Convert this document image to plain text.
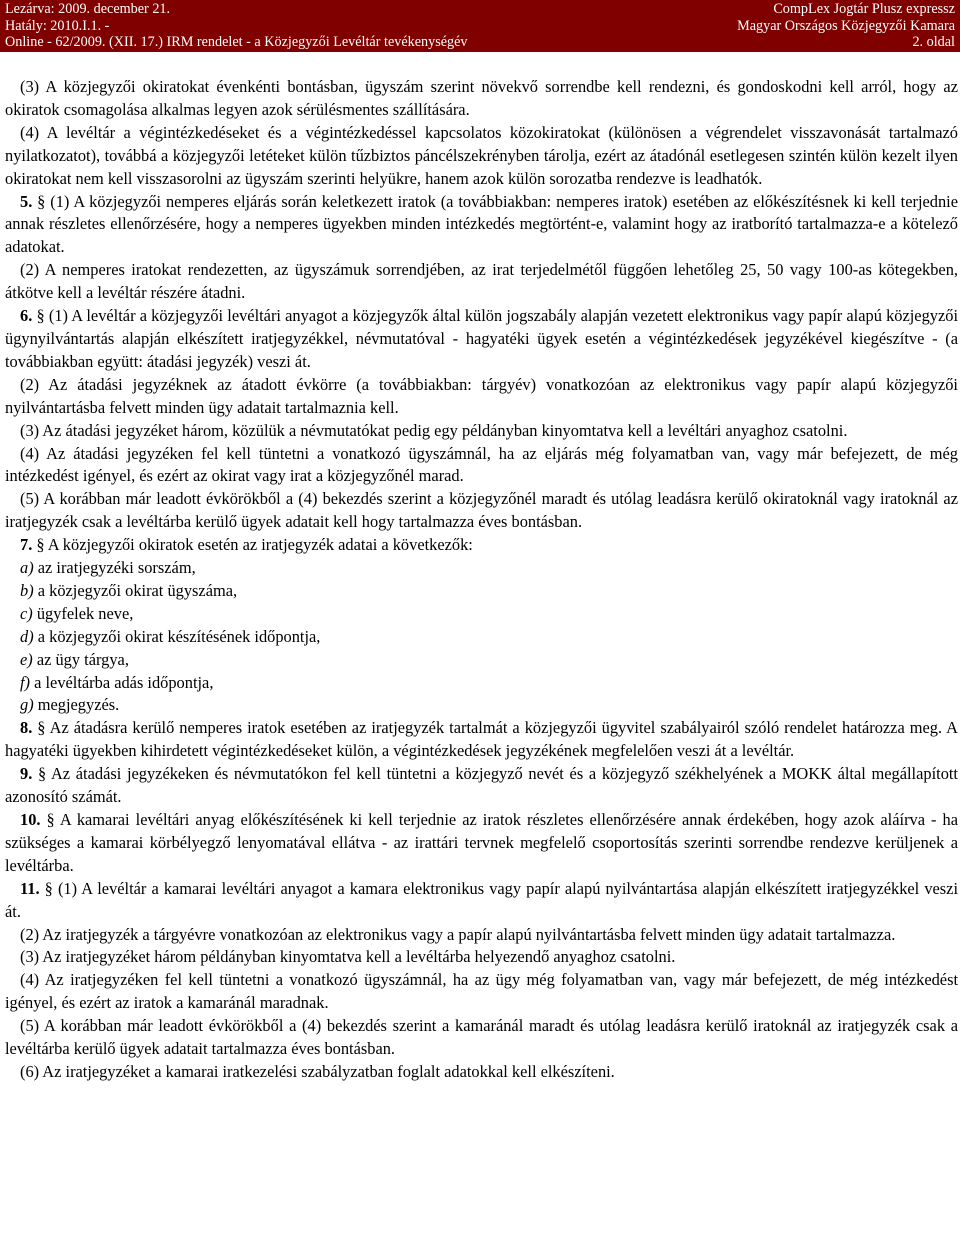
Lezárva: 2009. december 21.
Hatály: 2010.I.1. -
Online - 62/2009. (XII. 17.) IRM rendelet - a Közjegyzői Levéltár tevékenységév
CompLex Jogtár Plusz expressz
Magyar Országos Közjegyzői Kamara
2. oldal

(3) A közjegyzői okiratokat évenkénti bontásban, ügyszám szerint növekvő sorrendbe kell rendezni, és gondoskodni kell arról, hogy az okiratok csomagolása alkalmas legyen azok sérülésmentes szállítására.

(4) A levéltár a végintézkedéseket és a végintézkedéssel kapcsolatos közokiratokat (különösen a végrendelet visszavonását tartalmazó nyilatkozatot), továbbá a közjegyzői letéteket külön tűzbiztos páncélszekrényben tárolja, ezért az átadónál esetlegesen szintén külön kezelt ilyen okiratokat nem kell visszasorolni az ügyszám szerinti helyükre, hanem azok külön sorozatba rendezve is leadhatók.

5. § (1) A közjegyzői nemperes eljárás során keletkezett iratok (a továbbiakban: nemperes iratok) esetében az előkészítésnek ki kell terjednie annak részletes ellenőrzésére, hogy a nemperes ügyekben minden intézkedés megtörtént-e, valamint hogy az iratborító tartalmazza-e a kötelező adatokat.

(2) A nemperes iratokat rendezetten, az ügyszámuk sorrendjében, az irat terjedelmétől függően lehetőleg 25, 50 vagy 100-as kötegekben, átkötve kell a levéltár részére átadni.

6. § (1) A levéltár a közjegyzői levéltári anyagot a közjegyzők által külön jogszabály alapján vezetett elektronikus vagy papír alapú közjegyzői ügynyilvántartás alapján elkészített iratjegyzékkel, névmutatóval - hagyatéki ügyek esetén a végintézkedések jegyzékével kiegészítve - (a továbbiakban együtt: átadási jegyzék) veszi át.

(2) Az átadási jegyzéknek az átadott évkörre (a továbbiakban: tárgyév) vonatkozóan az elektronikus vagy papír alapú közjegyzői nyilvántartásba felvett minden ügy adatait tartalmaznia kell.

(3) Az átadási jegyzéket három, közülük a névmutatókat pedig egy példányban kinyomtatva kell a levéltári anyaghoz csatolni.

(4) Az átadási jegyzéken fel kell tüntetni a vonatkozó ügyszámnál, ha az eljárás még folyamatban van, vagy már befejezett, de még intézkedést igényel, és ezért az okirat vagy irat a közjegyzőnél marad.

(5) A korábban már leadott évkörökből a (4) bekezdés szerint a közjegyzőnél maradt és utólag leadásra kerülő okiratoknál vagy iratoknál az iratjegyzék csak a levéltárba kerülő ügyek adatait kell hogy tartalmazza éves bontásban.

7. § A közjegyzői okiratok esetén az iratjegyzék adatai a következők:

a) az iratjegyzéki sorszám,

b) a közjegyzői okirat ügyszáma,

c) ügyfelek neve,

d) a közjegyzői okirat készítésének időpontja,

e) az ügy tárgya,

f) a levéltárba adás időpontja,

g) megjegyzés.

8. § Az átadásra kerülő nemperes iratok esetében az iratjegyzék tartalmát a közjegyzői ügyvitel szabályairól szóló rendelet határozza meg. A hagyatéki ügyekben kihirdetett végintézkedéseket külön, a végintézkedések jegyzékének megfelelően veszi át a levéltár.

9. § Az átadási jegyzékeken és névmutatókon fel kell tüntetni a közjegyző nevét és a közjegyző székhelyének a MOKK által megállapított azonosító számát.

10. § A kamarai levéltári anyag előkészítésének ki kell terjednie az iratok részletes ellenőrzésére annak érdekében, hogy azok aláírva - ha szükséges a kamarai körbélyegző lenyomatával ellátva - az irattári tervnek megfelelő csoportosítás szerinti sorrendbe rendezve kerüljenek a levéltárba.

11. § (1) A levéltár a kamarai levéltári anyagot a kamara elektronikus vagy papír alapú nyilvántartása alapján elkészített iratjegyzékkel veszi át.

(2) Az iratjegyzék a tárgyévre vonatkozóan az elektronikus vagy a papír alapú nyilvántartásba felvett minden ügy adatait tartalmazza.

(3) Az iratjegyzéket három példányban kinyomtatva kell a levéltárba helyezendő anyaghoz csatolni.

(4) Az iratjegyzéken fel kell tüntetni a vonatkozó ügyszámnál, ha az ügy még folyamatban van, vagy már befejezett, de még intézkedést igényel, és ezért az iratok a kamaránál maradnak.

(5) A korábban már leadott évkörökből a (4) bekezdés szerint a kamaránál maradt és utólag leadásra kerülő iratoknál az iratjegyzék csak a levéltárba kerülő ügyek adatait tartalmazza éves bontásban.

(6) Az iratjegyzéket a kamarai iratkezelési szabályzatban foglalt adatokkal kell elkészíteni.
